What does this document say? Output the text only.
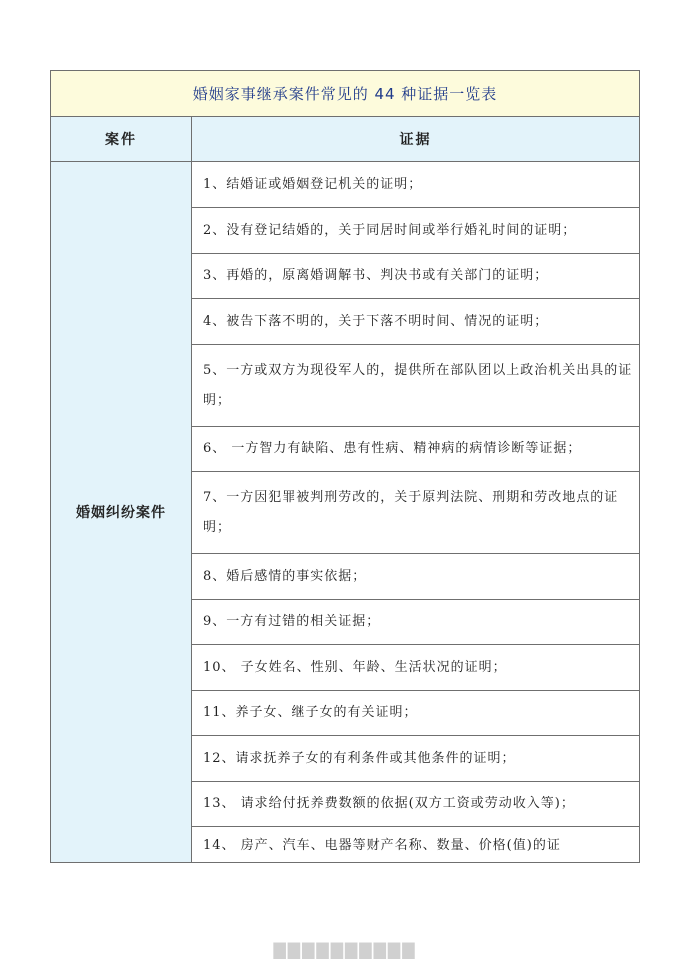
婚姻家事继承案件常见的 44 种证据一览表	
案件	证据
婚姻纠纷案件	1、结婚证或婚姻登记机关的证明；
	2、没有登记结婚的，关于同居时间或举行婚礼时间的证明；
	3、再婚的，原离婚调解书、判决书或有关部门的证明；
	4、被告下落不明的，关于下落不明时间、情况的证明；
	5、一方或双方为现役军人的，提供所在部队团以上政治机关出具的证明；
	6、 一方智力有缺陷、患有性病、精神病的病情诊断等证据；
	7、一方因犯罪被判刑劳改的，关于原判法院、刑期和劳改地点的证明；
	8、婚后感情的事实依据；
	9、一方有过错的相关证据；
	10、 子女姓名、性别、年龄、生活状况的证明；
	11、养子女、继子女的有关证明；
	12、请求抚养子女的有利条件或其他条件的证明；
	13、 请求给付抚养费数额的依据(双方工资或劳动收入等)；
	14、 房产、汽车、电器等财产名称、数量、价格(值)的证
▇▇▇▇▇▇▇▇▇▇
